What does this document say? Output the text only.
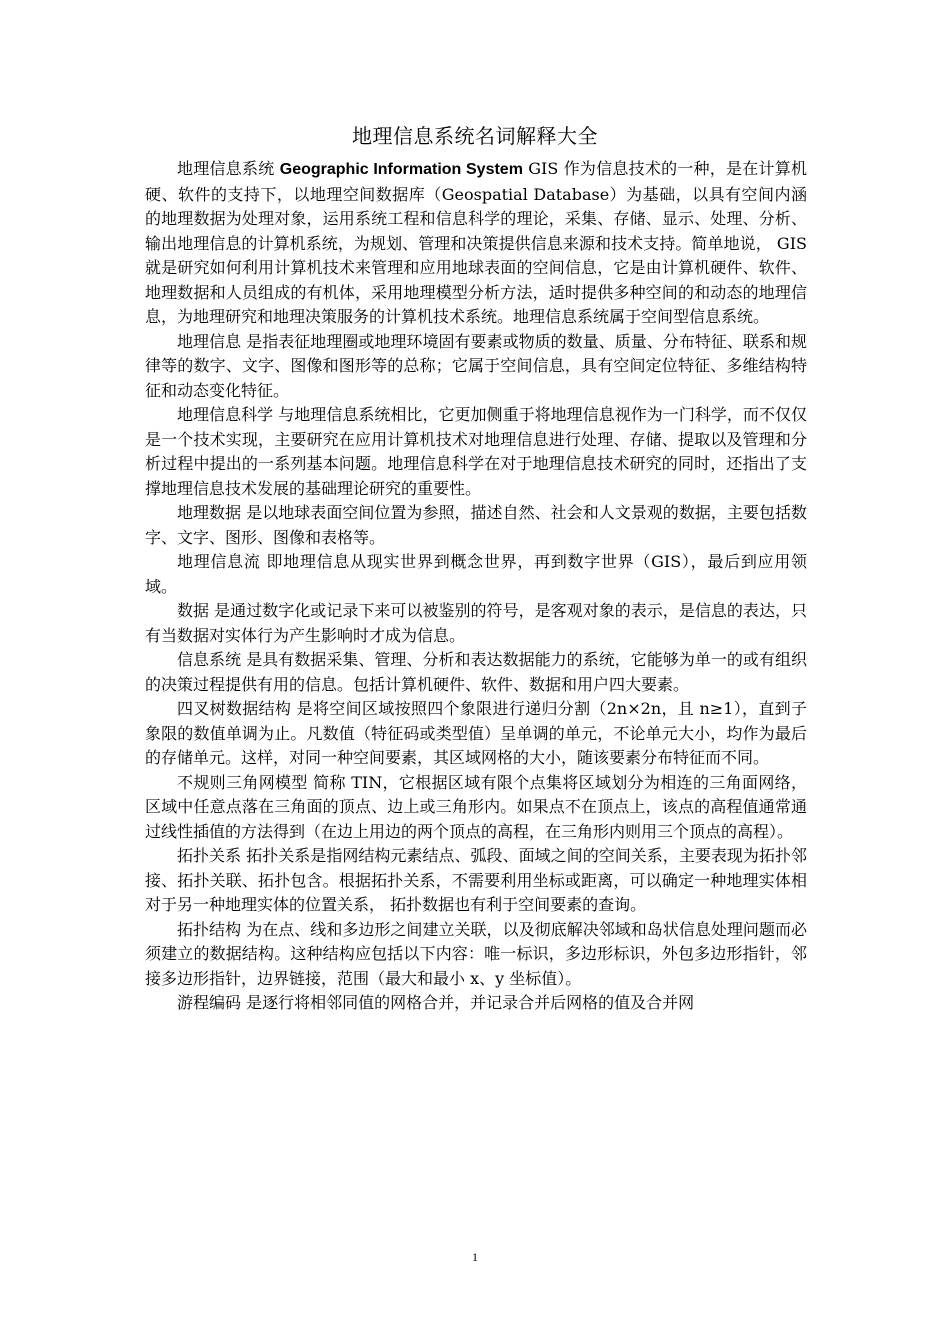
地理信息系统名词解释大全

地理信息系统 Geographic Information System GIS 作为信息技术的一种，是在计算机硬、软件的支持下，以地理空间数据库（Geospatial Database）为基础，以具有空间内涵的地理数据为处理对象，运用系统工程和信息科学的理论，采集、存储、显示、处理、分析、输出地理信息的计算机系统，为规划、管理和决策提供信息来源和技术支持。简单地说， GIS 就是研究如何利用计算机技术来管理和应用地球表面的空间信息，它是由计算机硬件、软件、地理数据和人员组成的有机体，采用地理模型分析方法，适时提供多种空间的和动态的地理信息，为地理研究和地理决策服务的计算机技术系统。地理信息系统属于空间型信息系统。

地理信息 是指表征地理圈或地理环境固有要素或物质的数量、质量、分布特征、联系和规律等的数字、文字、图像和图形等的总称；它属于空间信息，具有空间定位特征、多维结构特征和动态变化特征。

地理信息科学 与地理信息系统相比，它更加侧重于将地理信息视作为一门科学，而不仅仅是一个技术实现，主要研究在应用计算机技术对地理信息进行处理、存储、提取以及管理和分析过程中提出的一系列基本问题。地理信息科学在对于地理信息技术研究的同时，还指出了支撑地理信息技术发展的基础理论研究的重要性。

地理数据 是以地球表面空间位置为参照，描述自然、社会和人文景观的数据，主要包括数字、文字、图形、图像和表格等。

地理信息流 即地理信息从现实世界到概念世界，再到数字世界（GIS），最后到应用领域。

数据 是通过数字化或记录下来可以被鉴别的符号，是客观对象的表示，是信息的表达，只有当数据对实体行为产生影响时才成为信息。

信息系统 是具有数据采集、管理、分析和表达数据能力的系统，它能够为单一的或有组织的决策过程提供有用的信息。包括计算机硬件、软件、数据和用户四大要素。

四叉树数据结构 是将空间区域按照四个象限进行递归分割（2n×2n，且 n≥1），直到子象限的数值单调为止。凡数值（特征码或类型值）呈单调的单元，不论单元大小，均作为最后的存储单元。这样，对同一种空间要素，其区域网格的大小，随该要素分布特征而不同。

不规则三角网模型 简称 TIN，它根据区域有限个点集将区域划分为相连的三角面网络，区域中任意点落在三角面的顶点、边上或三角形内。如果点不在顶点上，该点的高程值通常通过线性插值的方法得到（在边上用边的两个顶点的高程，在三角形内则用三个顶点的高程）。

拓扑关系 拓扑关系是指网结构元素结点、弧段、面域之间的空间关系，主要表现为拓扑邻接、拓扑关联、拓扑包含。根据拓扑关系，不需要利用坐标或距离，可以确定一种地理实体相对于另一种地理实体的位置关系， 拓扑数据也有利于空间要素的查询。

拓扑结构 为在点、线和多边形之间建立关联，以及彻底解决邻域和岛状信息处理问题而必须建立的数据结构。这种结构应包括以下内容：唯一标识，多边形标识，外包多边形指针，邻接多边形指针，边界链接，范围（最大和最小 x、y 坐标值）。

游程编码 是逐行将相邻同值的网格合并，并记录合并后网格的值及合并网

1
